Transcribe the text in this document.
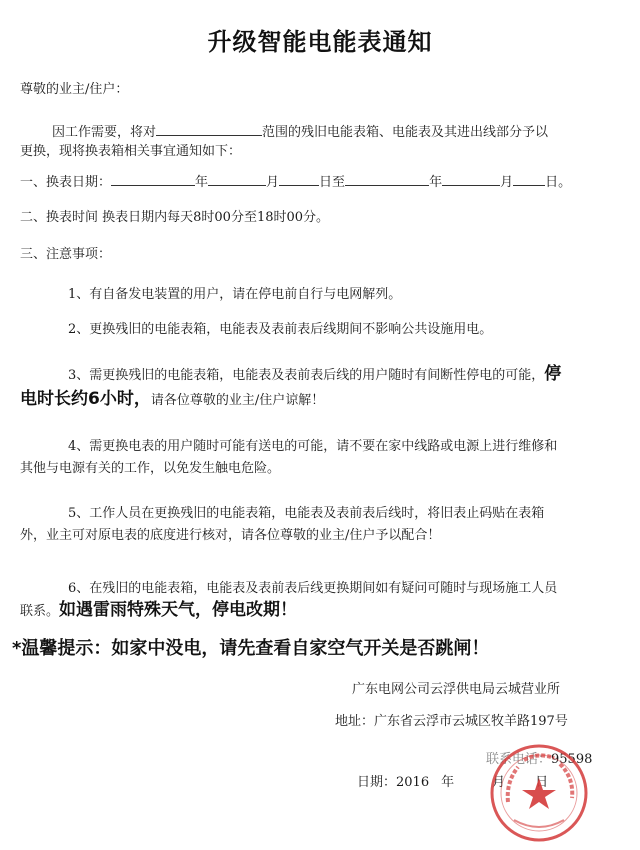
升级智能电能表通知
尊敬的业主/住户：
因工作需要，将对	范围的残旧电能表箱、电能表及其进出线部分予以
更换，现将换表箱相关事宜通知如下：
一、换表日期：	年	月	日至	年	月 日。
二、换表时间 换表日期内每天8时00分至18时00分。
三、注意事项：
1、有自备发电装置的用户，请在停电前自行与电网解列。
2、更换残旧的电能表箱，电能表及表前表后线期间不影响公共设施用电。
3、需更换残旧的电能表箱，电能表及表前表后线的用户随时有间断性停电的可能，停
电时长约6小时，请各位尊敬的业主/住户谅解！
4、需更换电表的用户随时可能有送电的可能，请不要在家中线路或电源上进行维修和
其他与电源有关的工作，以免发生触电危险。
5、工作人员在更换残旧的电能表箱，电能表及表前表后线时，将旧表止码贴在表箱
外，业主可对原电表的底度进行核对，请各位尊敬的业主/住户予以配合！
6、在残旧的电能表箱，电能表及表前表后线更换期间如有疑问可随时与现场施工人员
联系。如遇雷雨特殊天气，停电改期！
*温馨提示：如家中没电，请先查看自家空气开关是否跳闸！
广东电网公司云浮供电局云城营业所
地址：广东省云浮市云城区牧羊路197号
联系电话：95598
日期：2016 年	月 日
